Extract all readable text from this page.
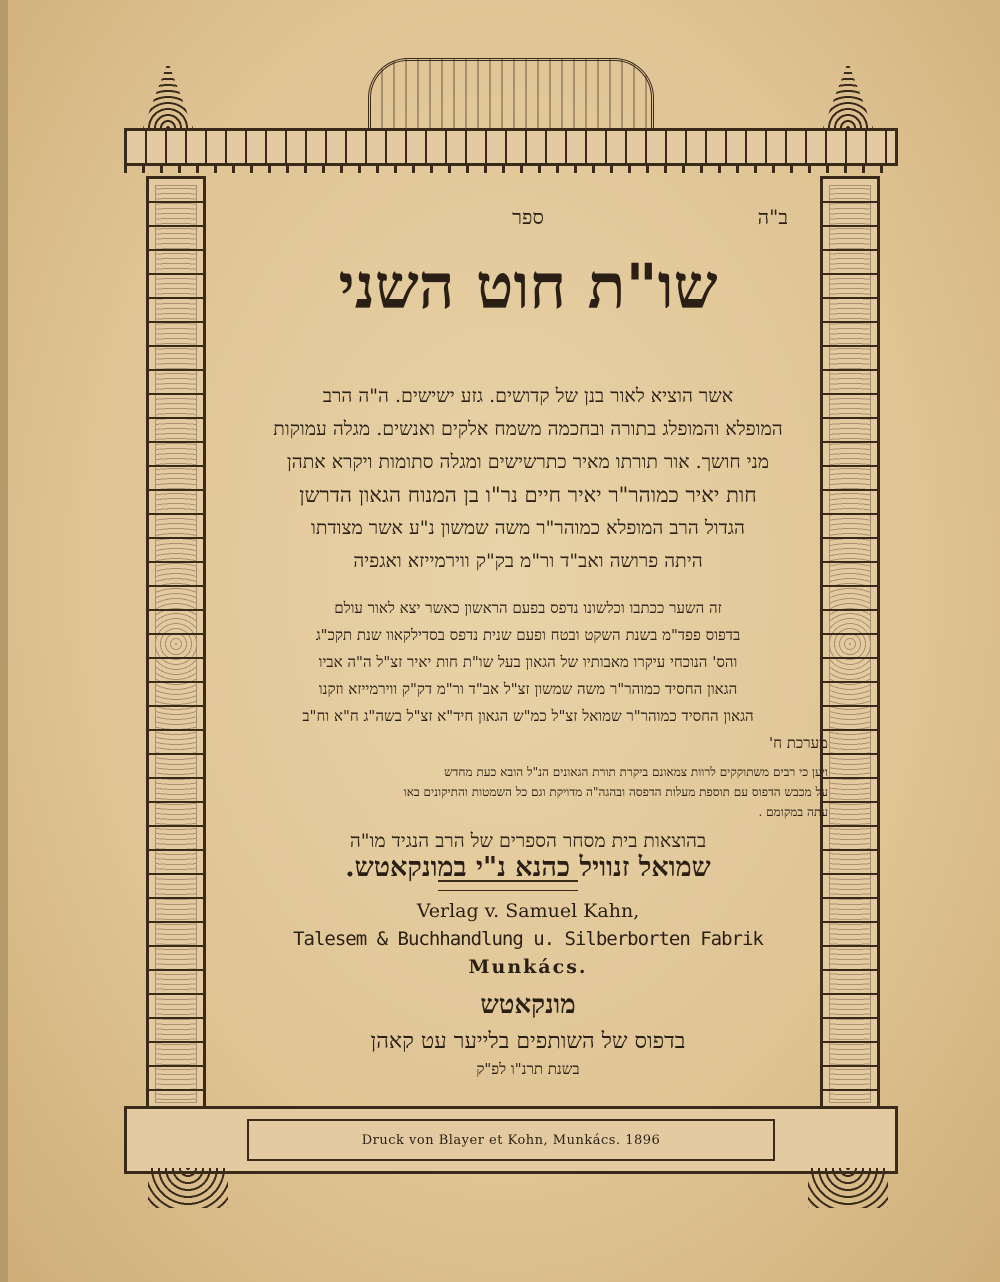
ב"ה
ספר
שו"ת חוט השני
אשר הוציא לאור בנן של קדושים. גזע ישישים. ה"ה הרב
המופלא והמופלג בתורה ובחכמה משמח אלקים ואנשים. מגלה עמוקות
מני חושך. אור תורתו מאיר כתרשישים ומגלה סתומות ויקרא אתהן
חות יאיר כמוהר"ר יאיר חיים נר"ו בן המנוח הגאון הדרשן
הגדול הרב המופלא כמוהר"ר משה שמשון נ"ע אשר מצודתו
היתה פרושה ואב"ד ור"מ בק"ק ווירמייזא ואגפיה
זה השער ככתבו וכלשונו נדפס בפעם הראשון כאשר יצא לאור עולם
בדפוס פפד"מ בשנת השקט ובטח ופעם שנית נדפס בסדילקאוו שנת תקכ"ג
והס' הנוכחי עיקרו מאבותיו של הגאון בעל שו"ת חות יאיר זצ"ל ה"ה אביו
הגאון החסיד כמוהר"ר משה שמשון זצ"ל אב"ד ור"מ דק"ק ווירמייזא וזקנו
הגאון החסיד כמוהר"ר שמואל זצ"ל כמ"ש הגאון חיד"א זצ"ל בשה"ג ח"א וח"ב
מערכת ח'
ויען כי רבים משתוקקים לרוות צמאונם ביקרת תורת הגאונים הנ"ל הובא כעת מחדש
על מכבש הדפוס עם תוספת מעלות הדפסה ובהגה"ה מדויקת וגם כל השמטות והתיקונים באו
עתה במקומם .
בהוצאות בית מסחר הספרים של הרב הנגיד מו"ה
שמואל זנוויל כהנא נ"י במונקאטש.
Verlag v. Samuel Kahn,
Talesem & Buchhandlung u. Silberborten Fabrik
Munkács.
מונקאטש
בדפוס של השותפים בלייער עט קאהן
בשנת תרנ"ו לפ"ק
Druck von Blayer et Kohn, Munkács. 1896
